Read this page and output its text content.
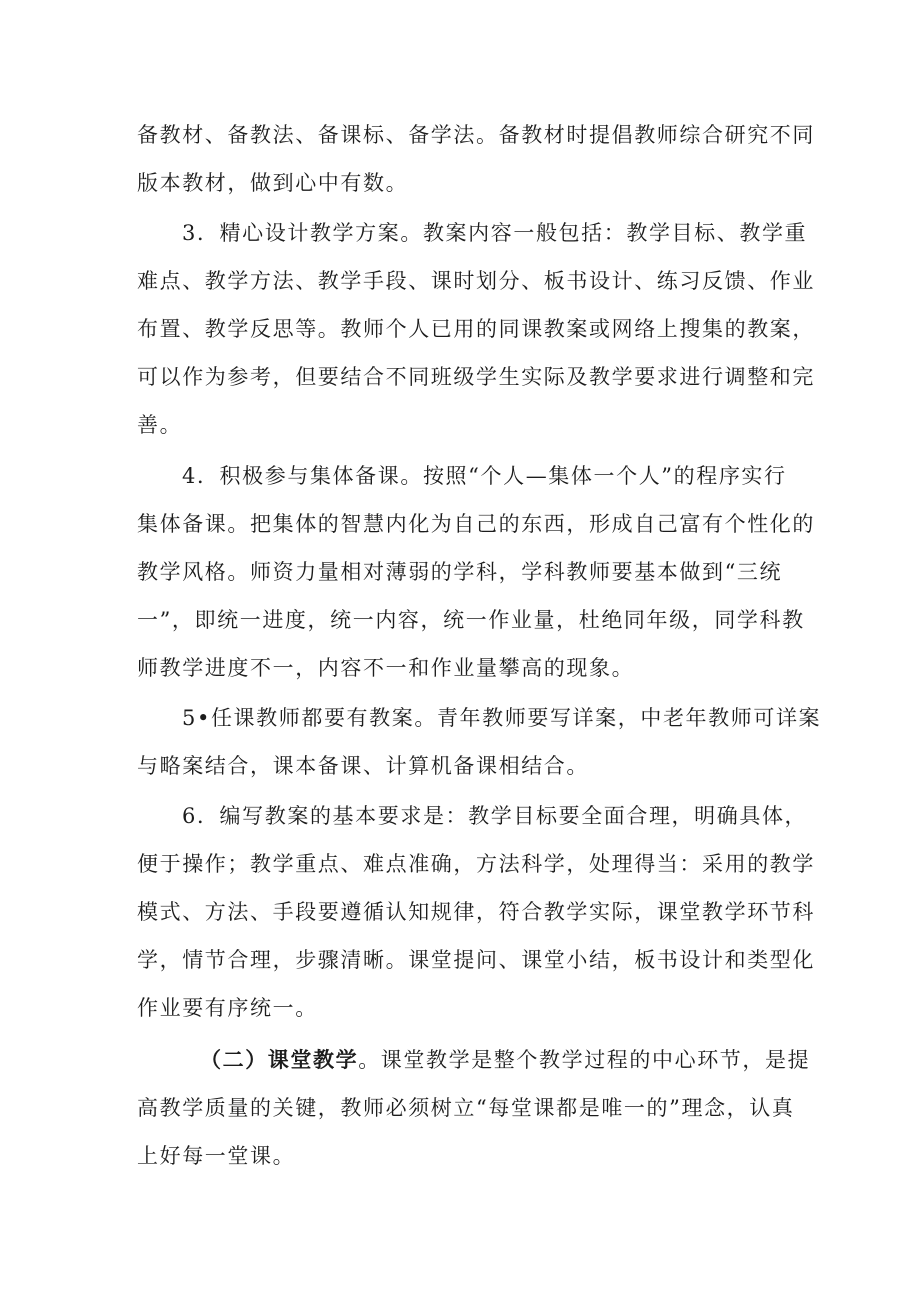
备教材、备教法、备课标、备学法。备教材时提倡教师综合研究不同
版本教材，做到心中有数。
3．精心设计教学方案。教案内容一般包括：教学目标、教学重
难点、教学方法、教学手段、课时划分、板书设计、练习反馈、作业
布置、教学反思等。教师个人已用的同课教案或网络上搜集的教案，
可以作为参考，但要结合不同班级学生实际及教学要求进行调整和完
善。
4．积极参与集体备课。按照“个人—集体一个人”的程序实行
集体备课。把集体的智慧内化为自己的东西，形成自己富有个性化的
教学风格。师资力量相对薄弱的学科，学科教师要基本做到“三统
一”，即统一进度，统一内容，统一作业量，杜绝同年级，同学科教
师教学进度不一，内容不一和作业量攀高的现象。
5•任课教师都要有教案。青年教师要写详案，中老年教师可详案
与略案结合，课本备课、计算机备课相结合。
6．编写教案的基本要求是：教学目标要全面合理，明确具体，
便于操作；教学重点、难点准确，方法科学，处理得当：采用的教学
模式、方法、手段要遵循认知规律，符合教学实际，课堂教学环节科
学，情节合理，步骤清晰。课堂提问、课堂小结，板书设计和类型化
作业要有序统一。
（二）课堂教学。课堂教学是整个教学过程的中心环节，是提
高教学质量的关键，教师必须树立“每堂课都是唯一的”理念，认真
上好每一堂课。
